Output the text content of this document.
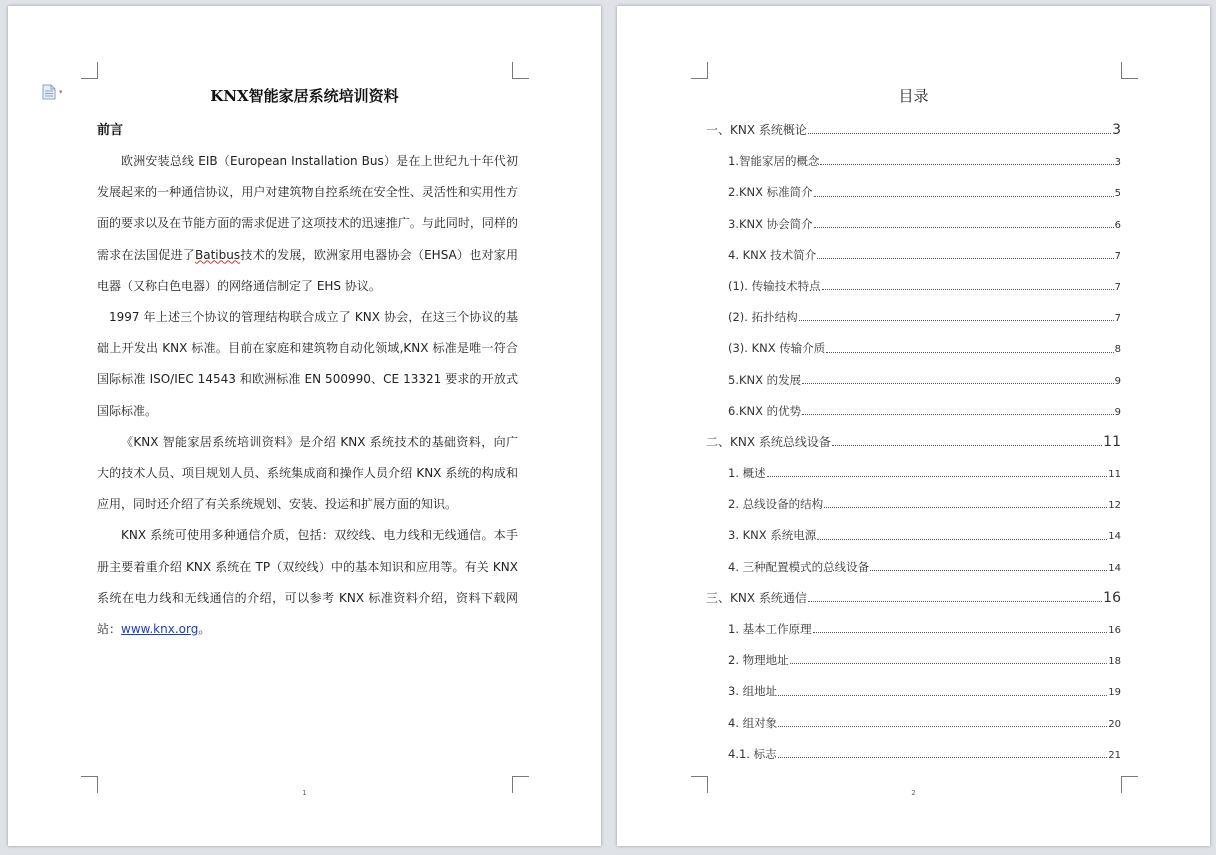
▾	KNX智能家居系统培训资料
前言

欧洲安装总线 EIB（European Installation Bus）是在上世纪九十年代初发展起来的一种通信协议，用户对建筑物自控系统在安全性、灵活性和实用性方面的要求以及在节能方面的需求促进了这项技术的迅速推广。与此同时，同样的需求在法国促进了Batibus技术的发展，欧洲家用电器协会（EHSA）也对家用电器（又称白色电器）的网络通信制定了 EHS 协议。

1997 年上述三个协议的管理结构联合成立了 KNX 协会，在这三个协议的基础上开发出 KNX 标准。目前在家庭和建筑物自动化领域,KNX 标准是唯一符合国际标准 ISO/IEC 14543 和欧洲标准 EN 500990、CE 13321 要求的开放式国际标准。

《KNX 智能家居系统培训资料》是介绍 KNX 系统技术的基础资料，向广大的技术人员、项目规划人员、系统集成商和操作人员介绍 KNX 系统的构成和应用，同时还介绍了有关系统规划、安装、投运和扩展方面的知识。

KNX 系统可使用多种通信介质，包括：双绞线、电力线和无线通信。本手册主要着重介绍 KNX 系统在 TP（双绞线）中的基本知识和应用等。有关 KNX 系统在电力线和无线通信的介绍，可以参考 KNX 标准资料介绍，资料下载网站：www.knx.org。

1
目录
一、KNX 系统概论	3
1.智能家居的概念	3
2.KNX 标准简介	5
3.KNX 协会简介	6
4. KNX 技术简介	7
(1). 传输技术特点	7
(2). 拓扑结构	7
(3). KNX 传输介质	8
5.KNX 的发展	9
6.KNX 的优势	9
二、KNX 系统总线设备	11
1. 概述	11
2. 总线设备的结构	12
3. KNX 系统电源	14
4. 三种配置模式的总线设备	14
三、KNX 系统通信	16
1. 基本工作原理	16
2. 物理地址	18
3. 组地址	19
4. 组对象	20
4.1. 标志	21
2
